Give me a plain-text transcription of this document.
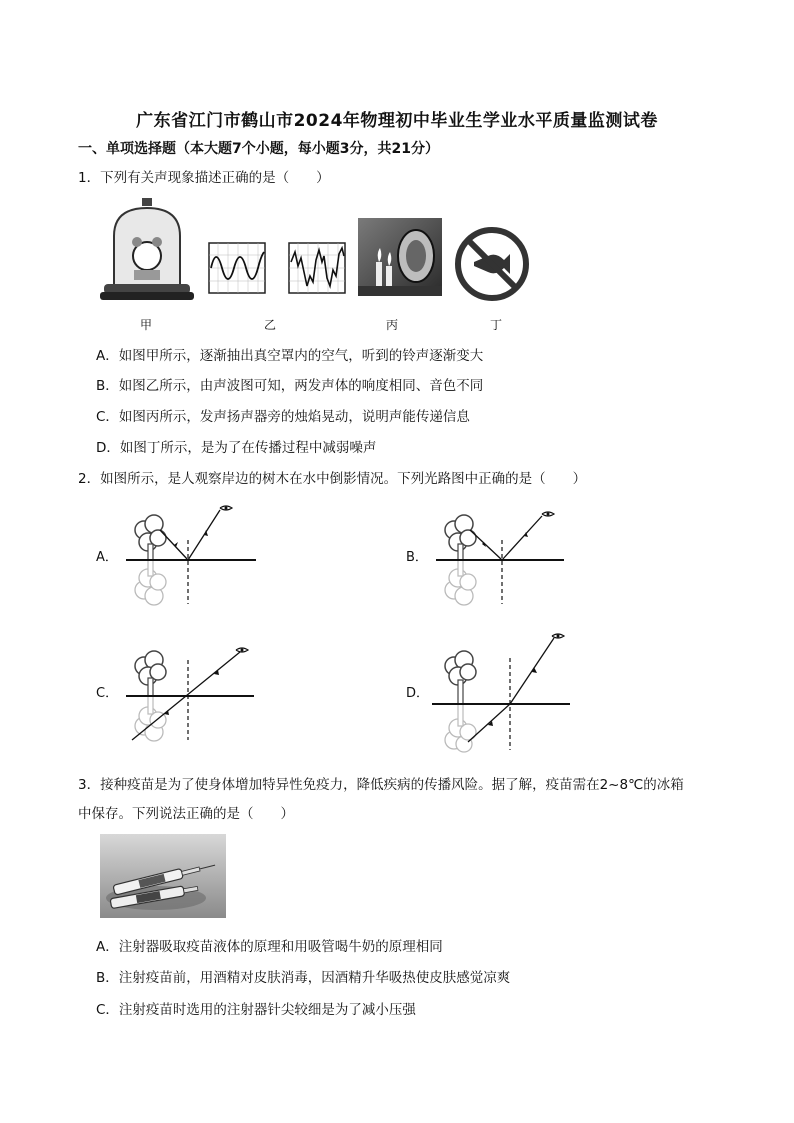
广东省江门市鹤山市2024年物理初中毕业生学业水平质量监测试卷
一、单项选择题（本大题7个小题，每小题3分，共21分）
1．下列有关声现象描述正确的是（　　）
甲	乙	丙	丁
A．如图甲所示，逐渐抽出真空罩内的空气，听到的铃声逐渐变大
B．如图乙所示，由声波图可知，两发声体的响度相同、音色不同
C．如图丙所示，发声扬声器旁的烛焰晃动，说明声能传递信息
D．如图丁所示，是为了在传播过程中减弱噪声
2．如图所示，是人观察岸边的树木在水中倒影情况。下列光路图中正确的是（　　）
A．	B．
C．	D．
3．接种疫苗是为了使身体增加特异性免疫力，降低疾病的传播风险。据了解，疫苗需在2~8℃的冰箱
中保存。下列说法正确的是（　　）
A．注射器吸取疫苗液体的原理和用吸管喝牛奶的原理相同
B．注射疫苗前，用酒精对皮肤消毒，因酒精升华吸热使皮肤感觉凉爽
C．注射疫苗时选用的注射器针尖较细是为了减小压强
